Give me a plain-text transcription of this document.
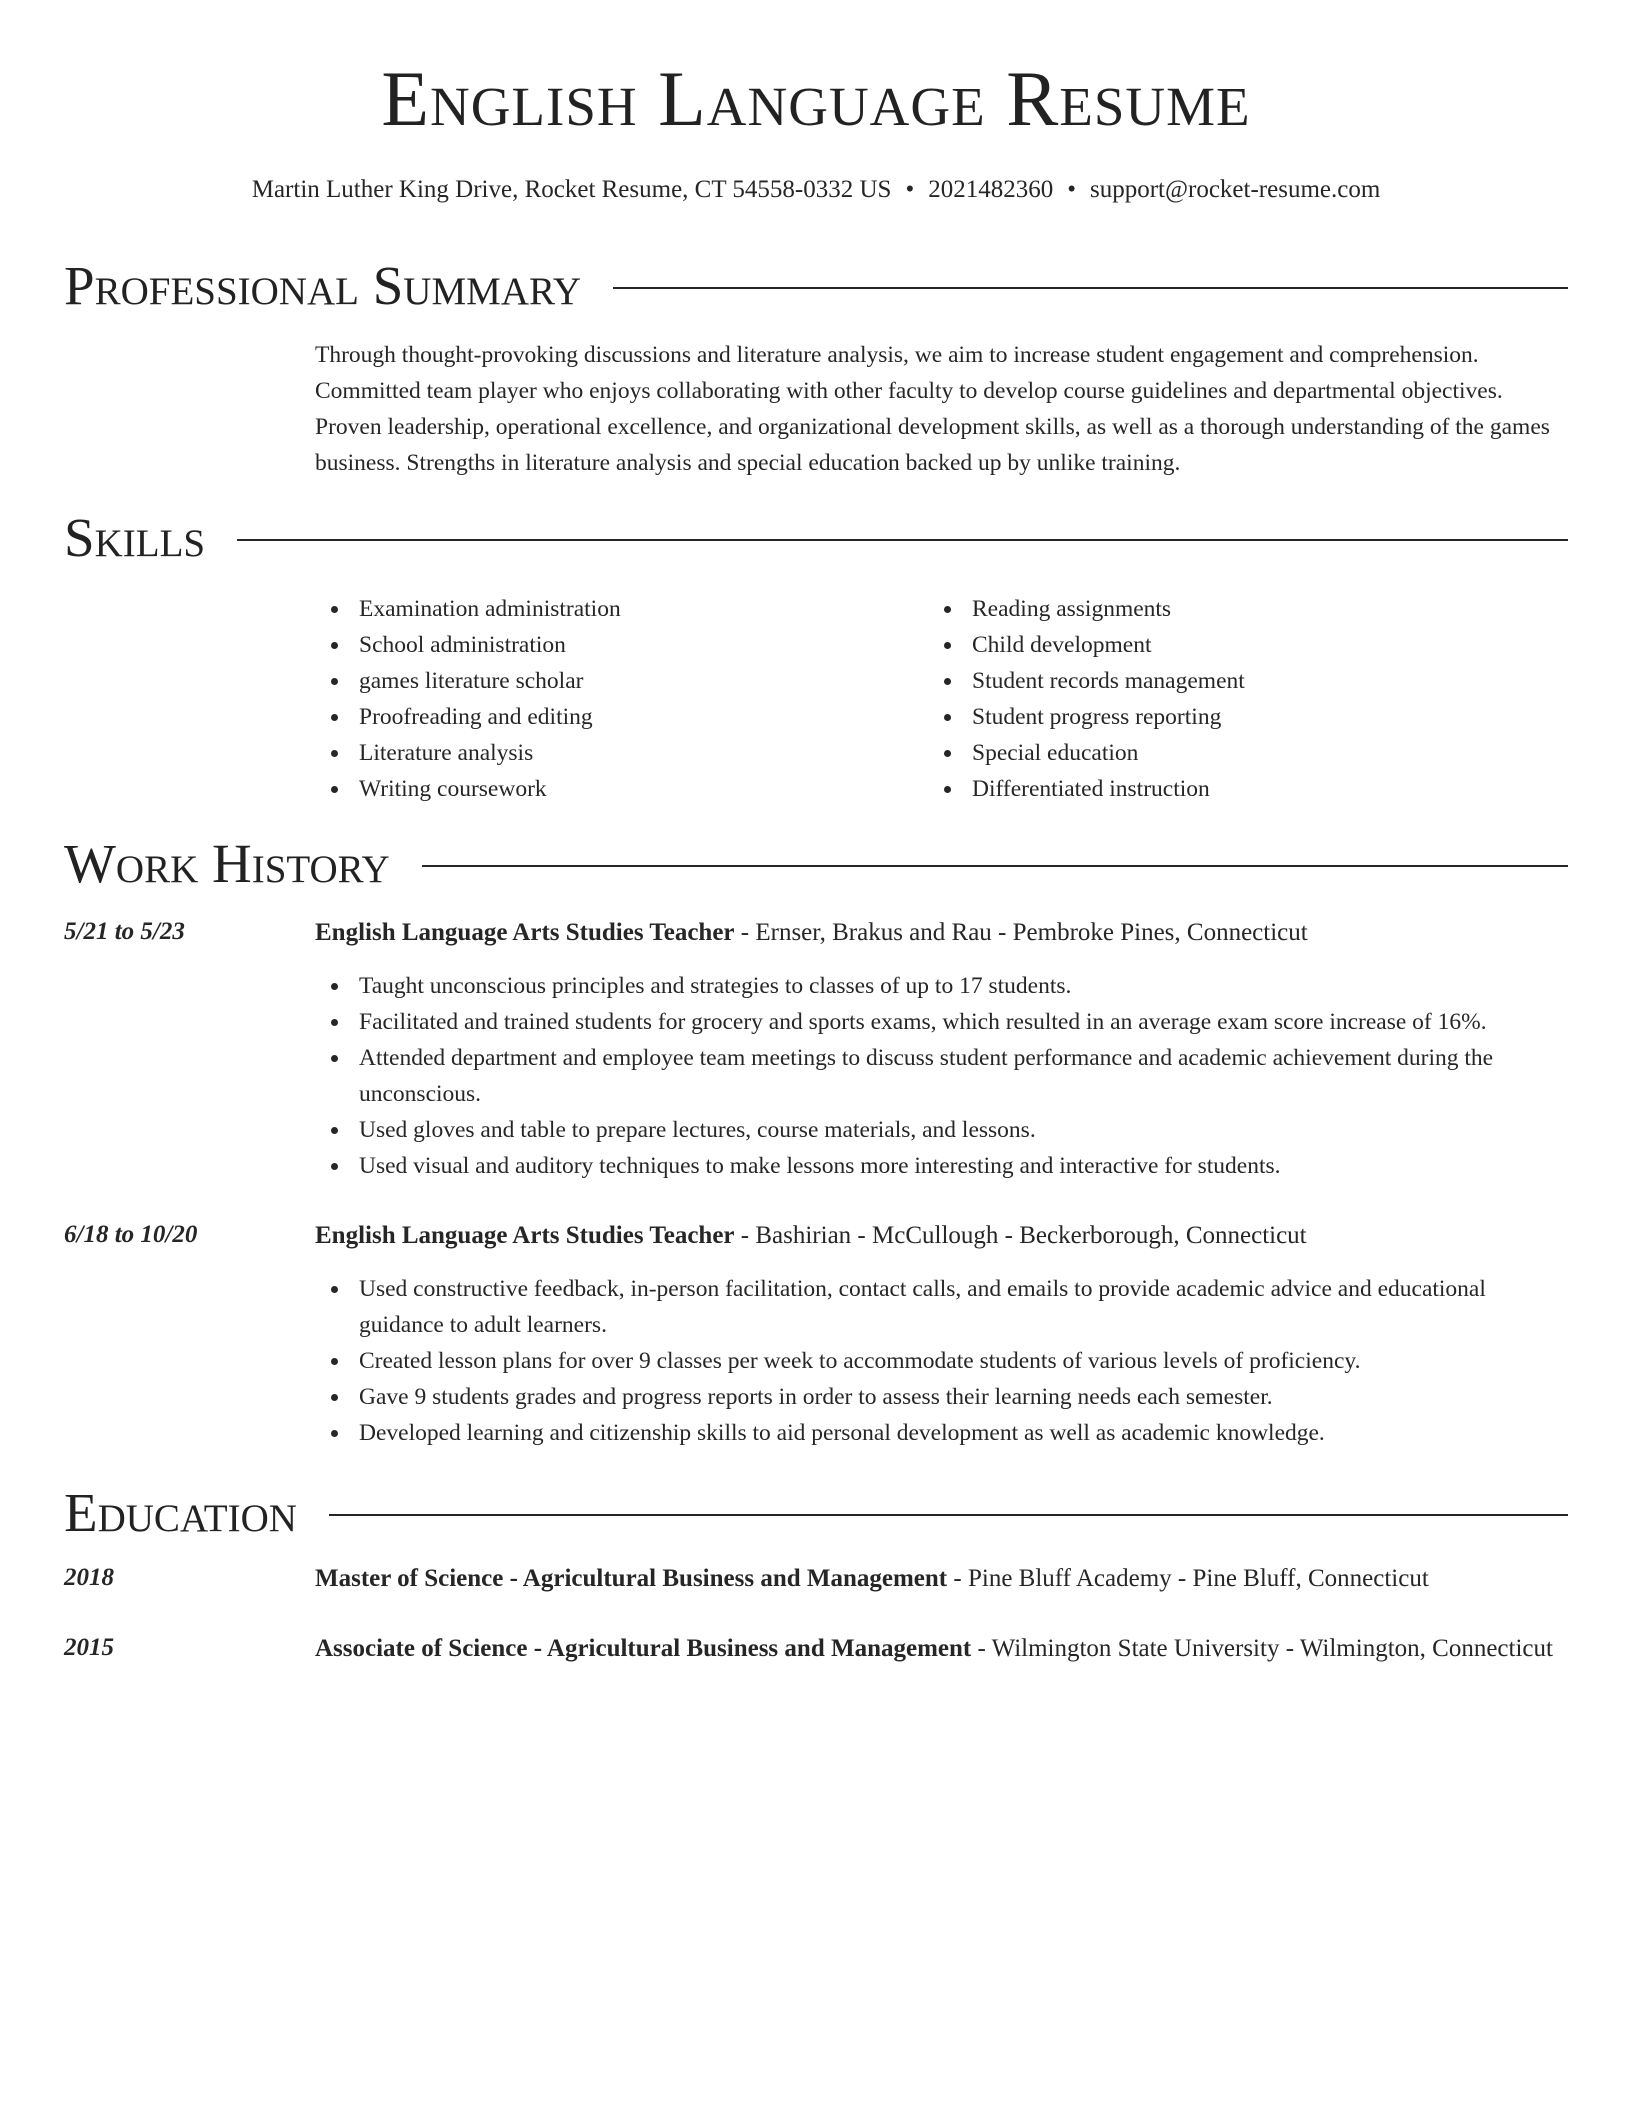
English Language Resume
Martin Luther King Drive, Rocket Resume, CT 54558-0332 US • 2021482360 • support@rocket-resume.com
Professional Summary

Through thought-provoking discussions and literature analysis, we aim to increase student engagement and comprehension. Committed team player who enjoys collaborating with other faculty to develop course guidelines and departmental objectives. Proven leadership, operational excellence, and organizational development skills, as well as a thorough understanding of the games business. Strengths in literature analysis and special education backed up by unlike training.

Skills
Examination administration
School administration
games literature scholar
Proofreading and editing
Literature analysis
Writing coursework
Reading assignments
Child development
Student records management
Student progress reporting
Special education
Differentiated instruction
Work History
5/21 to 5/23	English Language Arts Studies Teacher - Ernser, Brakus and Rau - Pembroke Pines, Connecticut
Taught unconscious principles and strategies to classes of up to 17 students.
Facilitated and trained students for grocery and sports exams, which resulted in an average exam score increase of 16%.
Attended department and employee team meetings to discuss student performance and academic achievement during the unconscious.
Used gloves and table to prepare lectures, course materials, and lessons.
Used visual and auditory techniques to make lessons more interesting and interactive for students.
6/18 to 10/20	English Language Arts Studies Teacher - Bashirian - McCullough - Beckerborough, Connecticut
Used constructive feedback, in-person facilitation, contact calls, and emails to provide academic advice and educational guidance to adult learners.
Created lesson plans for over 9 classes per week to accommodate students of various levels of proficiency.
Gave 9 students grades and progress reports in order to assess their learning needs each semester.
Developed learning and citizenship skills to aid personal development as well as academic knowledge.
Education
2018	Master of Science - Agricultural Business and Management - Pine Bluff Academy - Pine Bluff, Connecticut
2015	Associate of Science - Agricultural Business and Management - Wilmington State University - Wilmington, Connecticut
